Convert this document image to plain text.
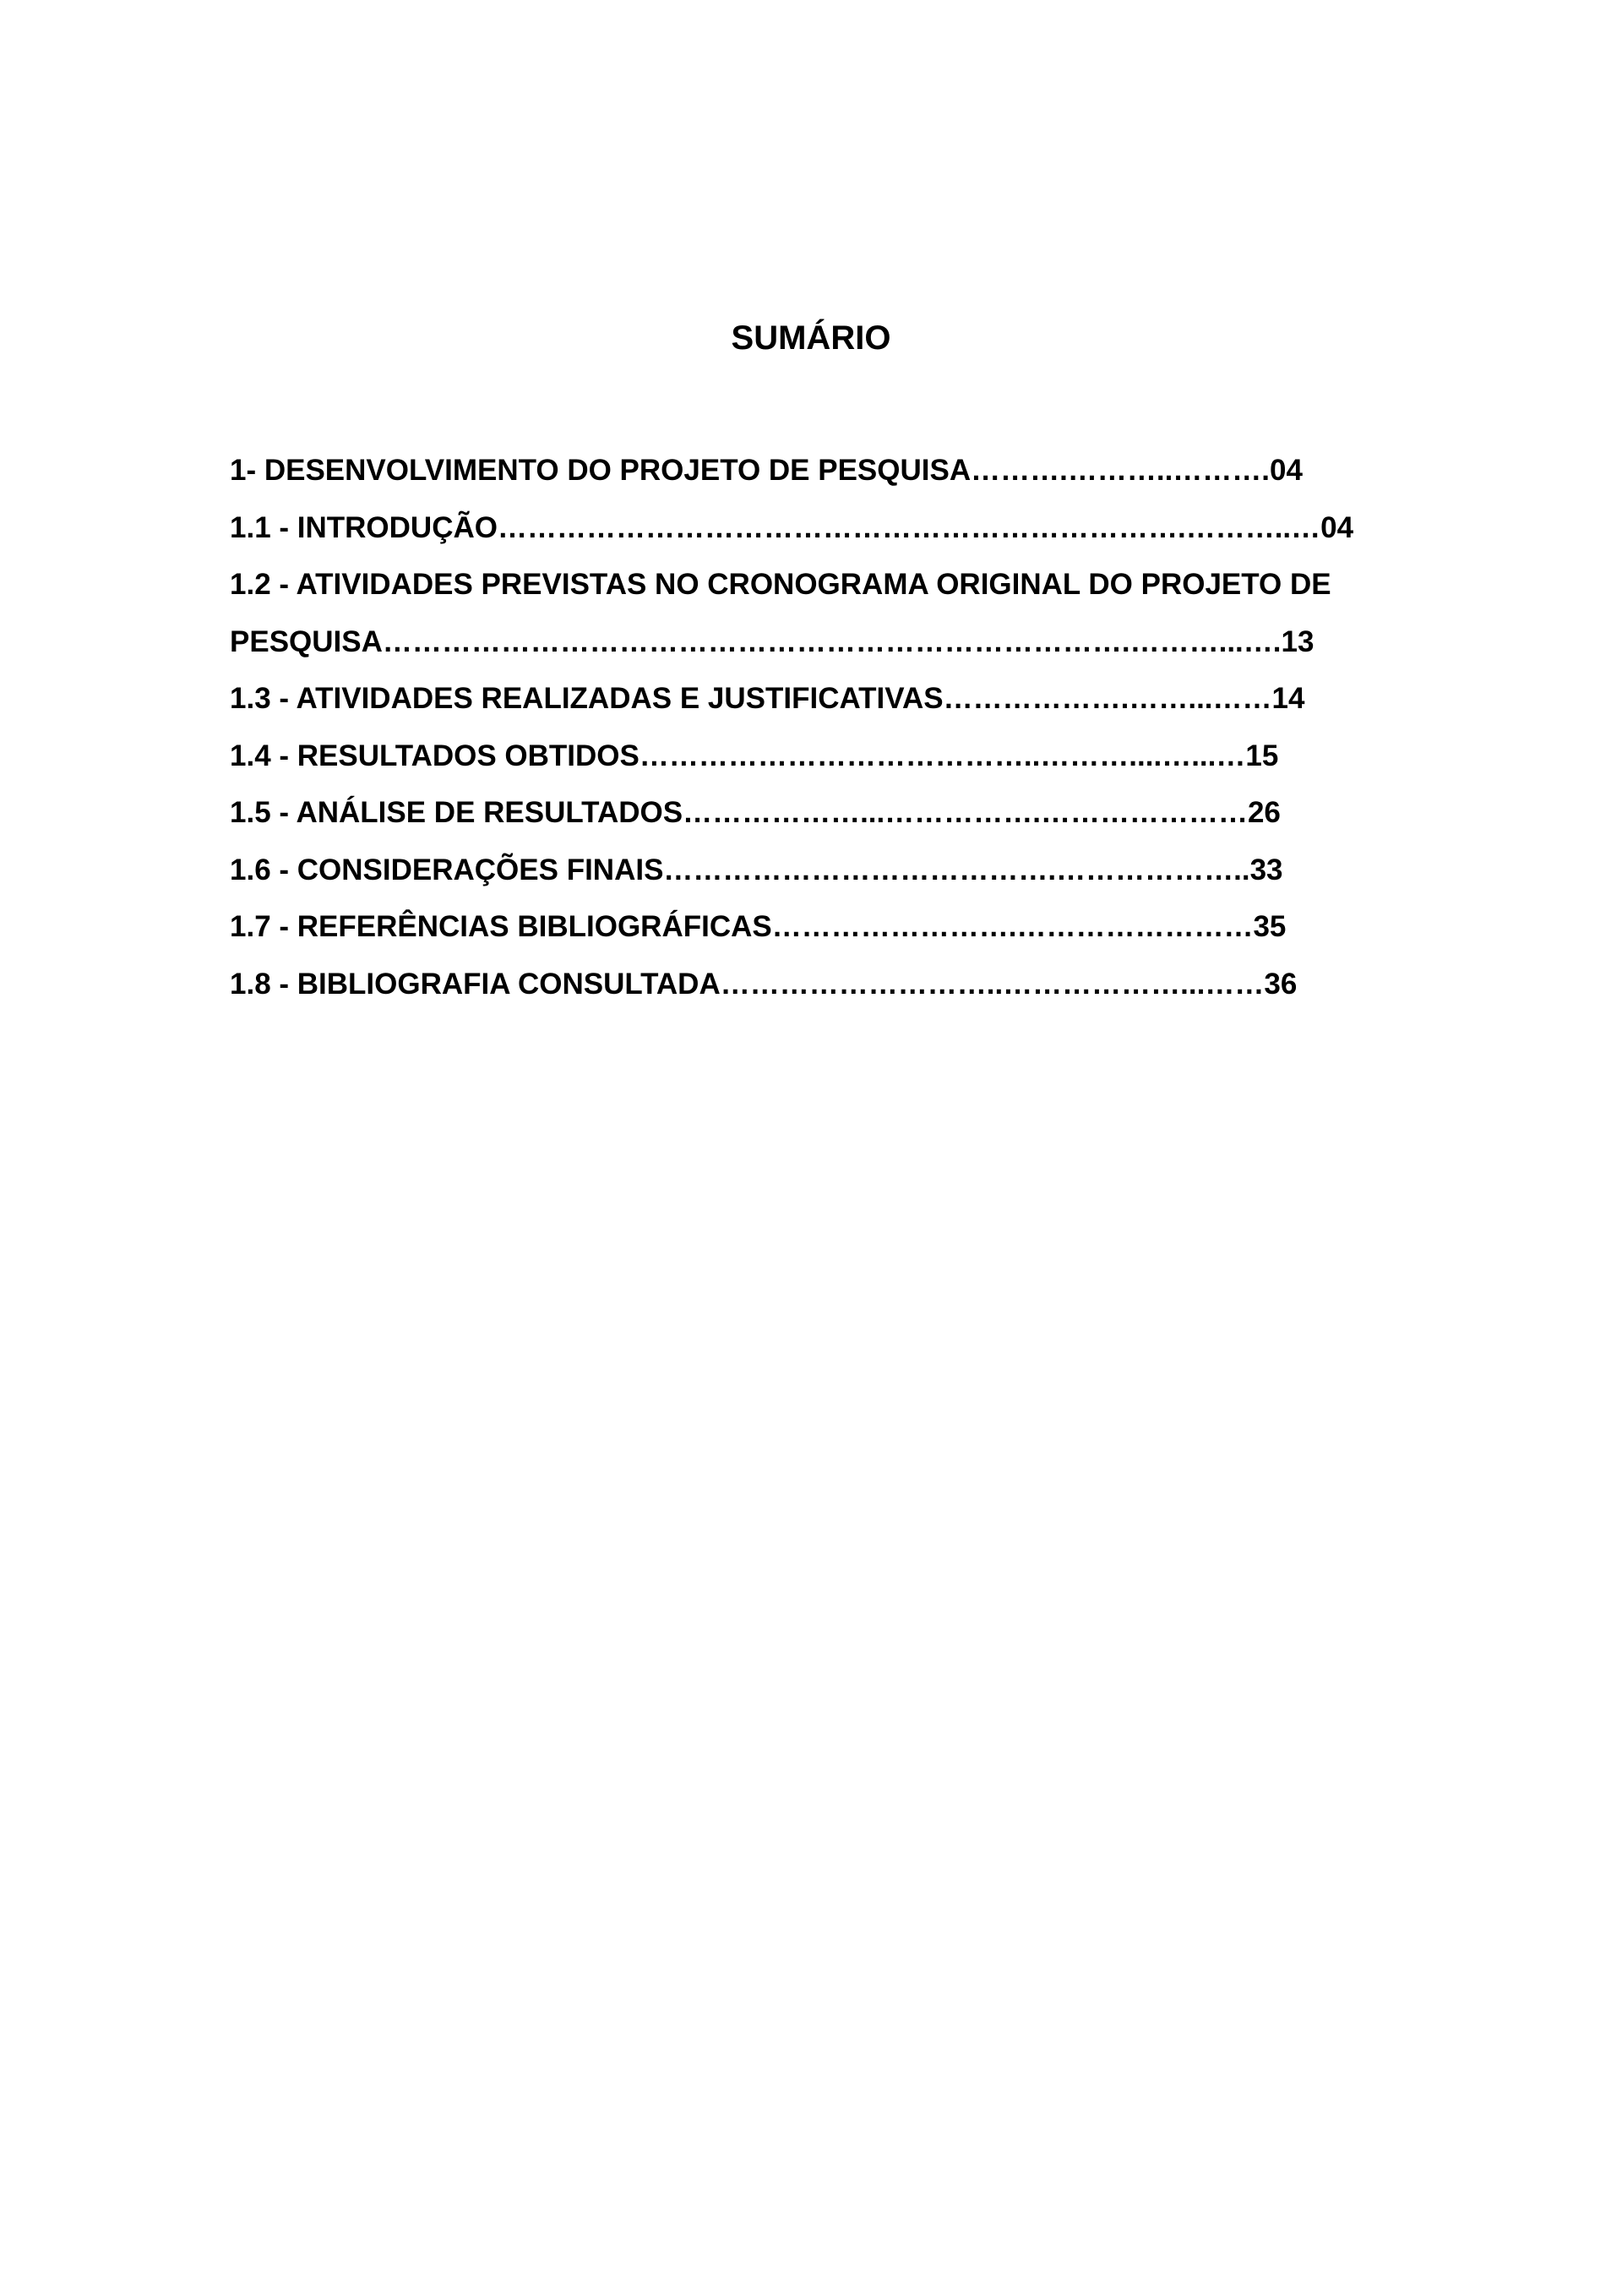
SUMÁRIO
1- DESENVOLVIMENTO DO PROJETO DE PESQUISA……….………..……….04
1.1 - INTRODUÇÃO…………………………………………………………….………..…04
1.2 - ATIVIDADES PREVISTAS NO CRONOGRAMA ORIGINAL DO PROJETO DE
PESQUISA………………………………………………………………….………...….13
1.3 - ATIVIDADES REALIZADAS E JUSTIFICATIVAS……………….……...……14
1.4 - RESULTADOS OBTIDOS…………………………………..………....…...…15
1.5 - ANÁLISE DE RESULTADOS………………...…………….…………………26
1.6 - CONSIDERAÇÕES FINAIS………………………………….………………..33
1.7 - REFERÊNCIAS BIBLIOGRÁFICAS…………………….……………………35
1.8 - BIBLIOGRAFIA CONSULTADA………………………..………………...……36
